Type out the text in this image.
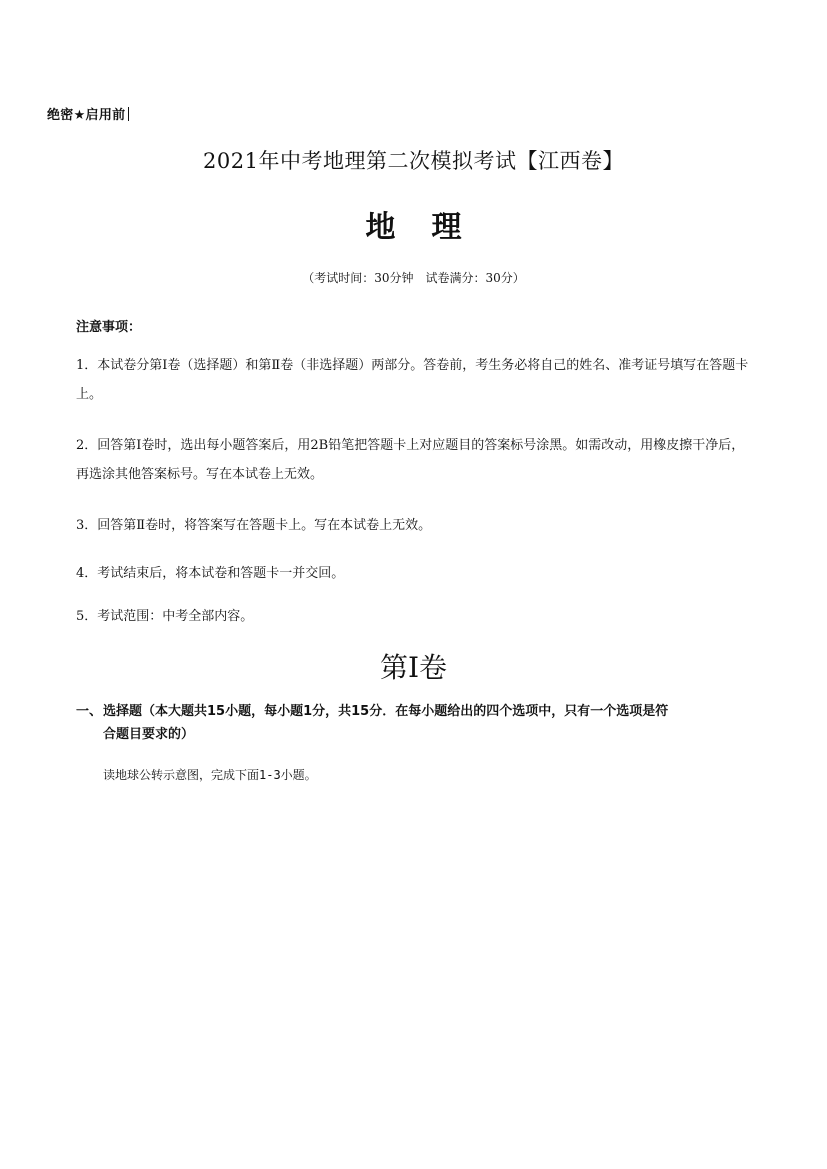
绝密★启用前
2021年中考地理第二次模拟考试【江西卷】
地理
（考试时间：30分钟　试卷满分：30分）
注意事项：
1．本试卷分第Ⅰ卷（选择题）和第Ⅱ卷（非选择题）两部分。答卷前，考生务必将自己的姓名、准考证号填写在答题卡上。
2．回答第Ⅰ卷时，选出每小题答案后，用2B铅笔把答题卡上对应题目的答案标号涂黑。如需改动，用橡皮擦干净后，再选涂其他答案标号。写在本试卷上无效。
3．回答第Ⅱ卷时，将答案写在答题卡上。写在本试卷上无效。
4．考试结束后，将本试卷和答题卡一并交回。
5．考试范围：中考全部内容。
第Ⅰ卷
一、选择题（本大题共15小题，每小题1分，共15分．在每小题给出的四个选项中，只有一个选项是符
合题目要求的）
读地球公转示意图，完成下面1-3小题。
